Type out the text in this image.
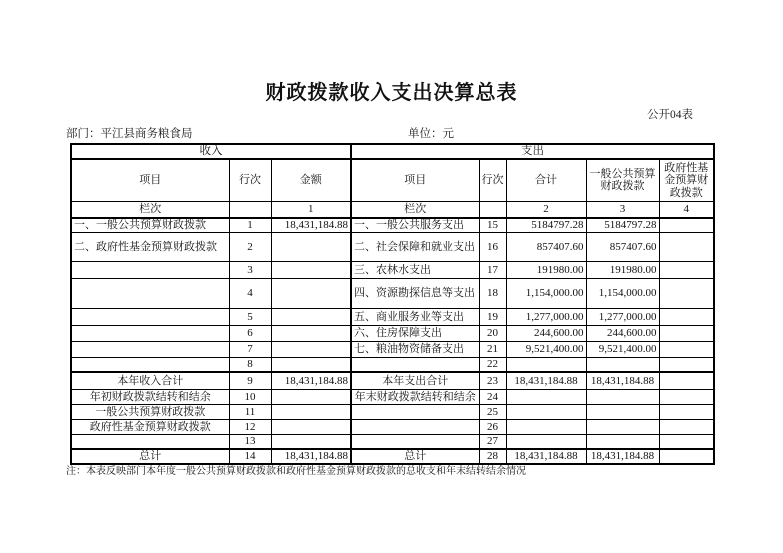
财政拨款收入支出决算总表
公开04表
部门：平江县商务粮食局	单位：元
收入			支出				
项目	行次	金额	项目	行次	合计	一般公共预算财政拨款	政府性基金预算财政拨款
栏次		1	栏次		2	3	4
一、一般公共预算财政拨款	1	18,431,184.88	一、一般公共服务支出	15	5184797.28	5184797.28	
二、政府性基金预算财政拨款	2		二、社会保障和就业支出	16	857407.60	857407.60	
	3		三、农林水支出	17	191980.00	191980.00	
	4		四、资源勘探信息等支出	18	1,154,000.00	1,154,000.00	
	5		五、商业服务业等支出	19	1,277,000.00	1,277,000.00	
	6		六、住房保障支出	20	244,600.00	244,600.00	
	7		七、粮油物资储备支出	21	9,521,400.00	9,521,400.00	
	8			22			
本年收入合计	9	18,431,184.88	本年支出合计	23	18,431,184.88	18,431,184.88	
年初财政拨款结转和结余	10		年末财政拨款结转和结余	24			
一般公共预算财政拨款	11			25			
政府性基金预算财政拨款	12			26			
	13			27			
总计	14	18,431,184.88	总计	28	18,431,184.88	18,431,184.88	
注：本表反映部门本年度一般公共预算财政拨款和政府性基金预算财政拨款的总收支和年末结转结余情况
